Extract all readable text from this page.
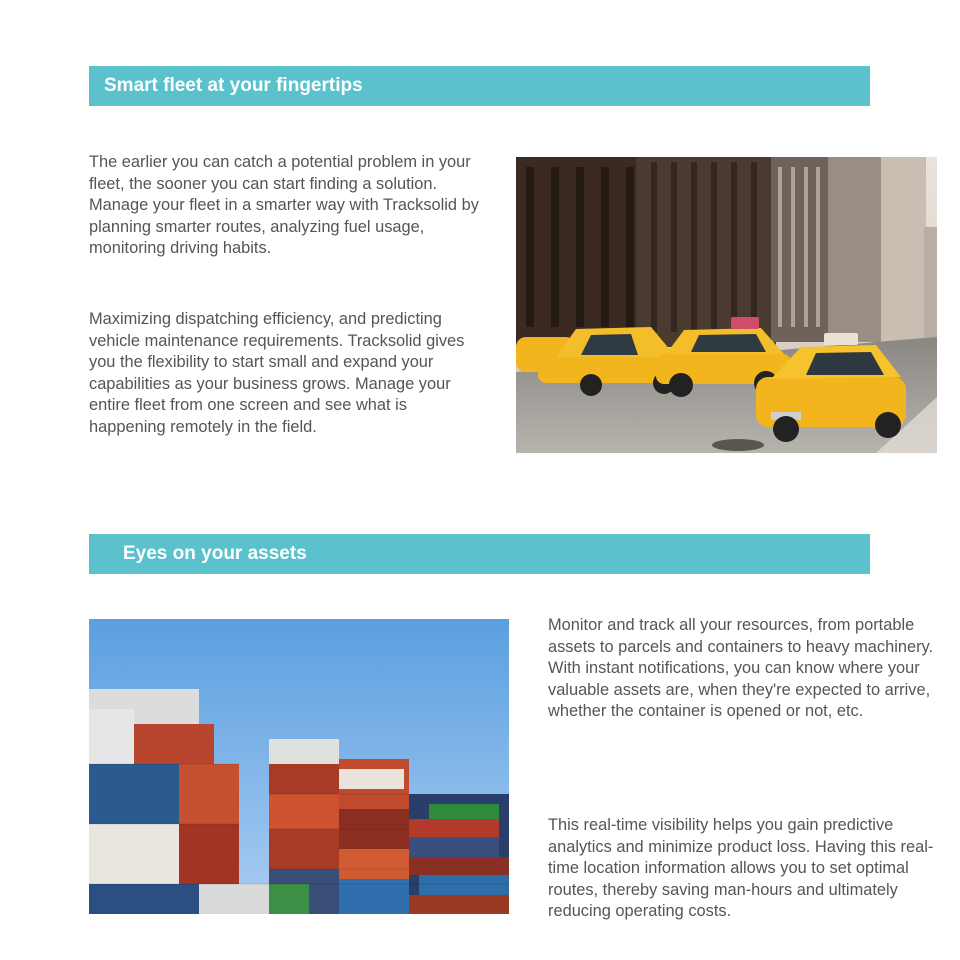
Smart fleet at your fingertips

The earlier you can catch a potential problem in your fleet, the sooner you can start finding a solution. Manage your fleet in a smarter way with Tracksolid by planning smarter routes, analyzing fuel usage, monitoring driving habits.

Maximizing dispatching efficiency, and predicting vehicle maintenance requirements. Tracksolid gives you the flexibility to start small and expand your capabilities as your business grows. Manage your entire fleet from one screen and see what is happening remotely in the field.

Eyes on your assets

Monitor and track all your resources, from portable assets to parcels and containers to heavy machinery. With instant notifications, you can know where your valuable assets are, when they're expected to arrive, whether the container is opened or not, etc.

This real-time visibility helps you gain predictive analytics and minimize product loss. Having this real-time location information allows you to set optimal routes, thereby saving man-hours and ultimately reducing operating costs.
